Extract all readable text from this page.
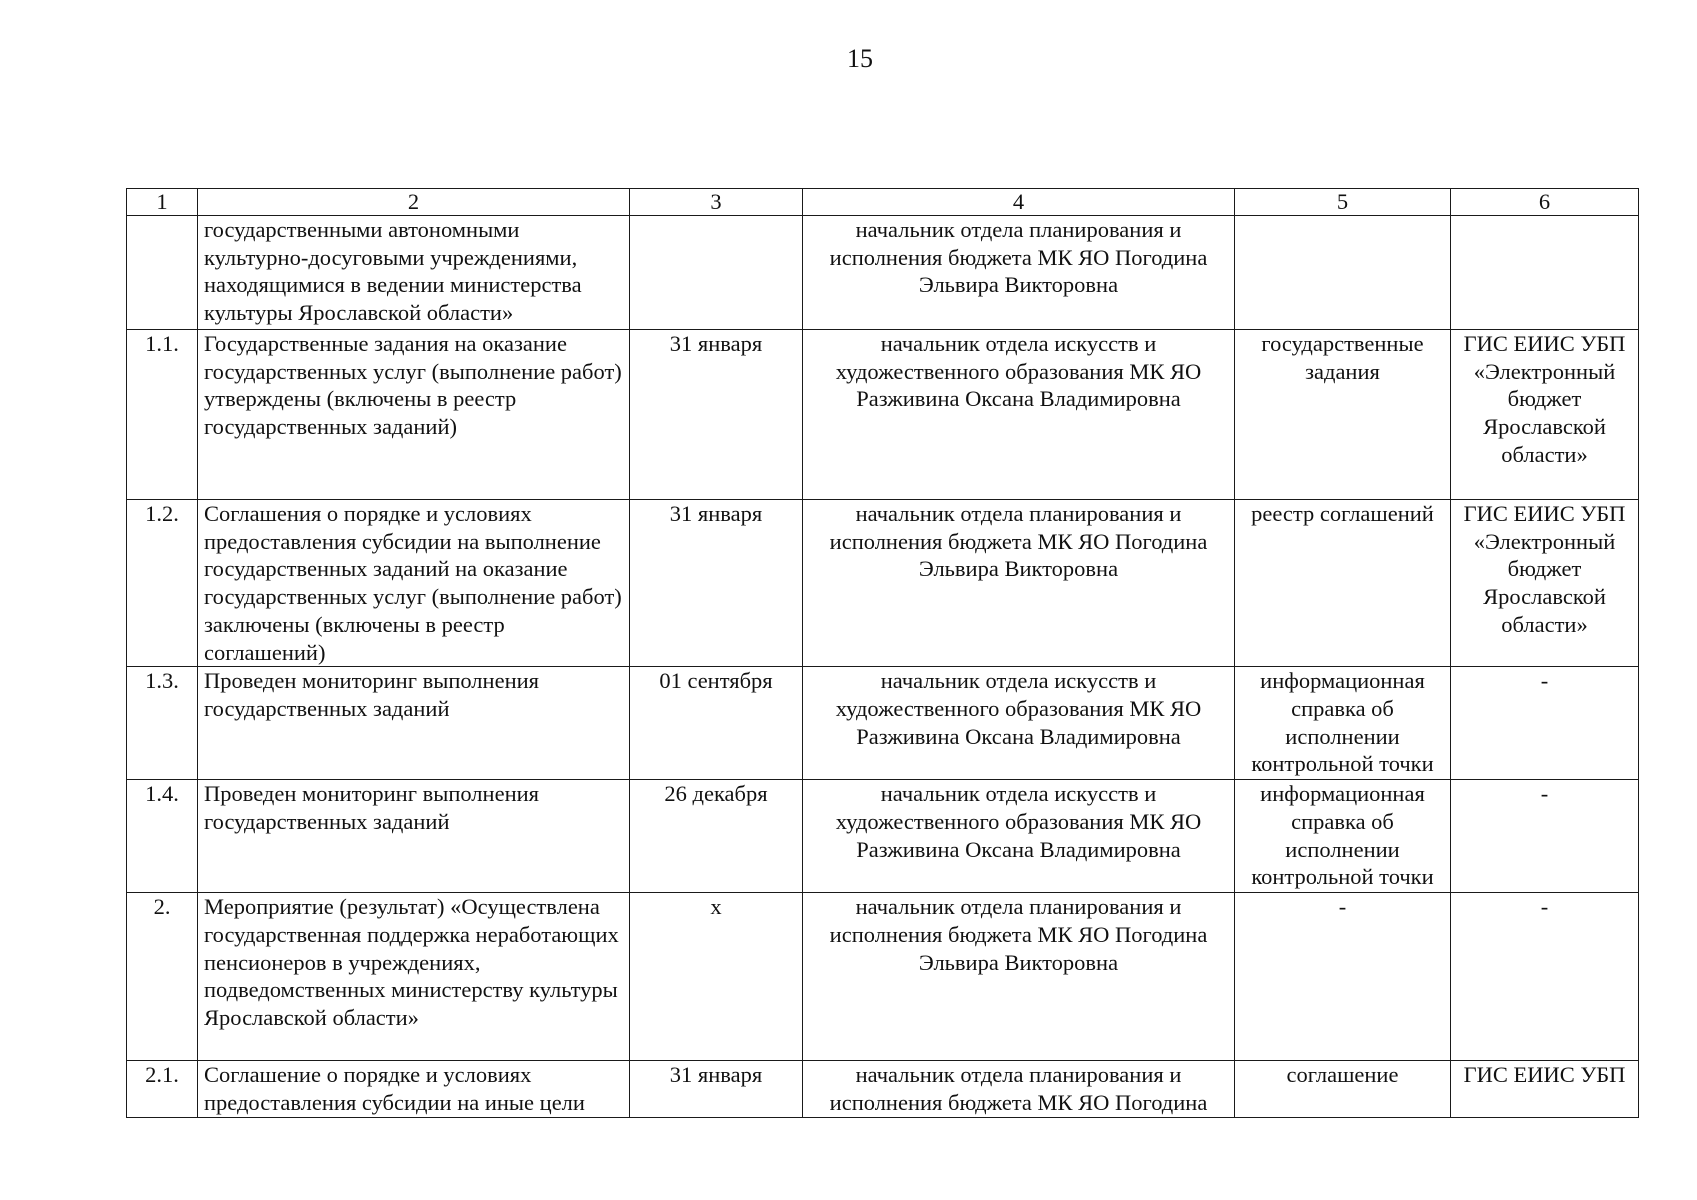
15
1	2	3	4	5	6
	государственными автономными культурно-досуговыми учреждениями, находящимися в ведении министерства культуры Ярославской области»		начальник отдела планирования и исполнения бюджета МК ЯО Погодина Эльвира Викторовна		
1.1.	Государственные задания на оказание государственных услуг (выполнение работ) утверждены (включены в реестр государственных заданий)	31 января	начальник отдела искусств и художественного образования МК ЯО Разживина Оксана Владимировна	государственные задания	ГИС ЕИИС УБП «Электронный бюджет Ярославской области»
1.2.	Соглашения о порядке и условиях предоставления субсидии на выполнение государственных заданий на оказание государственных услуг (выполнение работ) заключены (включены в реестр соглашений)	31 января	начальник отдела планирования и исполнения бюджета МК ЯО Погодина Эльвира Викторовна	реестр соглашений	ГИС ЕИИС УБП «Электронный бюджет Ярославской области»
1.3.	Проведен мониторинг выполнения государственных заданий	01 сентября	начальник отдела искусств и художественного образования МК ЯО Разживина Оксана Владимировна	информационная справка об исполнении контрольной точки	-
1.4.	Проведен мониторинг выполнения государственных заданий	26 декабря	начальник отдела искусств и художественного образования МК ЯО Разживина Оксана Владимировна	информационная справка об исполнении контрольной точки	-
2.	Мероприятие (результат) «Осуществлена государственная поддержка неработающих пенсионеров в учреждениях, подведомственных министерству культуры Ярославской области»	x	начальник отдела планирования и исполнения бюджета МК ЯО Погодина Эльвира Викторовна	-	-
2.1.	Соглашение о порядке и условиях предоставления субсидии на иные цели	31 января	начальник отдела планирования и исполнения бюджета МК ЯО Погодина	соглашение	ГИС ЕИИС УБП
